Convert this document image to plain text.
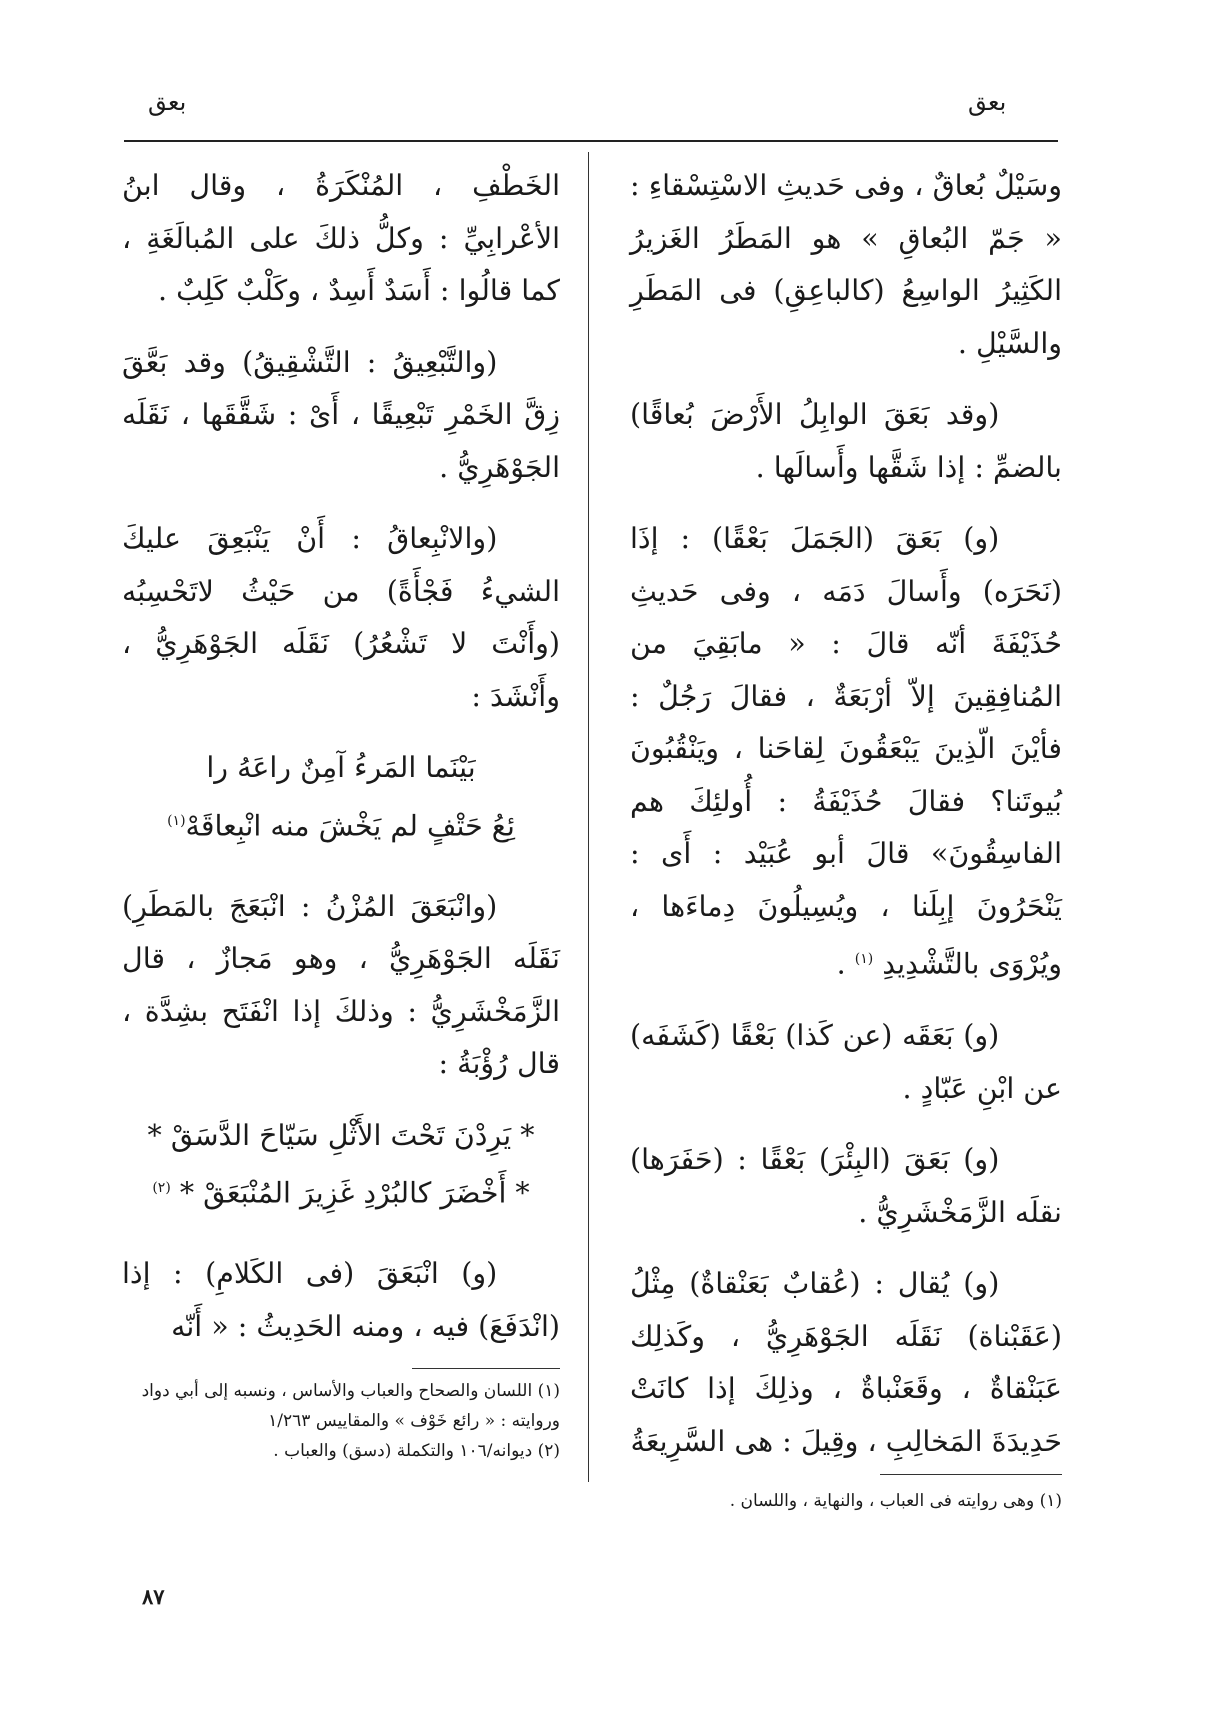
بعق
بعق

وسَيْلٌ بُعاقٌ ، وفى حَديثِ الاسْتِسْقاءِ : « جَمّ البُعاقِ » هو المَطَرُ الغَزيرُ الكَثِيرُ الواسِعُ (كالباعِقِ) فى المَطَرِ والسَّيْلِ .

(وقد بَعَقَ الوابِلُ الأَرْضَ بُعاقًا) بالضمِّ : إذا شَقَّها وأَسالَها .

(و) بَعَقَ (الجَمَلَ بَعْقًا) : إذَا (نَحَرَه) وأَسالَ دَمَه ، وفى حَديثِ حُذَيْفَةَ أنّه قالَ : « مابَقِيَ من المُنافِقِينَ إلاّ أرْبَعَةٌ ، فقالَ رَجُلٌ : فأيْنَ الّذِينَ يَبْعَقُونَ لِقاحَنا ، ويَنْقُبُونَ بُيوتَنا؟ فقالَ حُذَيْفَةُ : أُولئِكَ هم الفاسِقُونَ» قالَ أبو عُبَيْد : أَى : يَنْحَرُونَ إبِلَنا ، ويُسِيلُونَ دِماءَها ، ويُرْوَى بالتَّشْدِيدِ $^{(١)}$ .

(و) بَعَقَه (عن كَذا) بَعْقًا (كَشَفَه) عن ابْنِ عَبّادٍ .

(و) بَعَقَ (البِئْرَ) بَعْقًا : (حَفَرَها) نقلَه الزَّمَخْشَرِيُّ .

(و) يُقال : (عُقابٌ بَعَنْقاةٌ) مِثْلُ (عَقَبْناة) نَقَلَه الجَوْهَرِيُّ ، وكَذلِك عَبَنْقاةٌ ، وقَعَنْباةٌ ، وذلِكَ إذا كانَتْ حَدِيدَةَ المَخالِبِ ، وقِيلَ : هى السَّرِيعَةُ

الخَطْفِ ، المُنْكَرَةُ ، وقال ابنُ الأعْرابِيِّ : وكلُّ ذلكَ على المُبالَغَةِ ، كما قالُوا : أَسَدٌ أَسِدٌ ، وكَلْبٌ كَلِبٌ .

(والتَّبْعِيقُ : التَّشْقِيقُ) وقد بَعَّقَ زِقَّ الخَمْرِ تَبْعِيقًا ، أَىْ : شَقَّقَها ، نَقَلَه الجَوْهَرِيُّ .

(والانْبِعاقُ : أَنْ يَنْبَعِقَ عليكَ الشيءُ فَجْأَةً) من حَيْثُ لاتَحْسِبُه (وأَنْتَ لا تَشْعُرُ) نَقَلَه الجَوْهَرِيُّ ، وأَنْشَدَ :

بَيْنَما المَرءُ آمِنٌ راعَهُ را
ئِعُ حَتْفٍ لم يَخْشَ منه انْبِعاقَهْ$^{(١)}$

(وانْبَعَقَ المُزْنُ : انْبَعَجَ بالمَطَرِ) نَقَلَه الجَوْهَرِيُّ ، وهو مَجازٌ ، قال الزَّمَخْشَرِيُّ : وذلكَ إذا انْفَتَح بشِدَّة ، قال رُؤْبَةُ :

* يَرِدْنَ تَحْتَ الأَثْلِ سَيّاحَ الدَّسَقْ *
* أَخْضَرَ كالبُرْدِ غَزِيرَ المُنْبَعَقْ * $^{(٢)}$

(و) انْبَعَقَ (فى الكَلامِ) : إذا (انْدَفَعَ) فيه ، ومنه الحَدِيثُ : « أَنّه

(١) وهى روايته فى العباب ، والنهاية ، واللسان .

(١) اللسان والصحاح والعباب والأساس ، ونسبه إلى أبي دواد وروايته : « رائع خَوْف » والمقاييس ١/٢٦٣

(٢) ديوانه/١٠٦ والتكملة (دسق) والعباب .

٨٧
